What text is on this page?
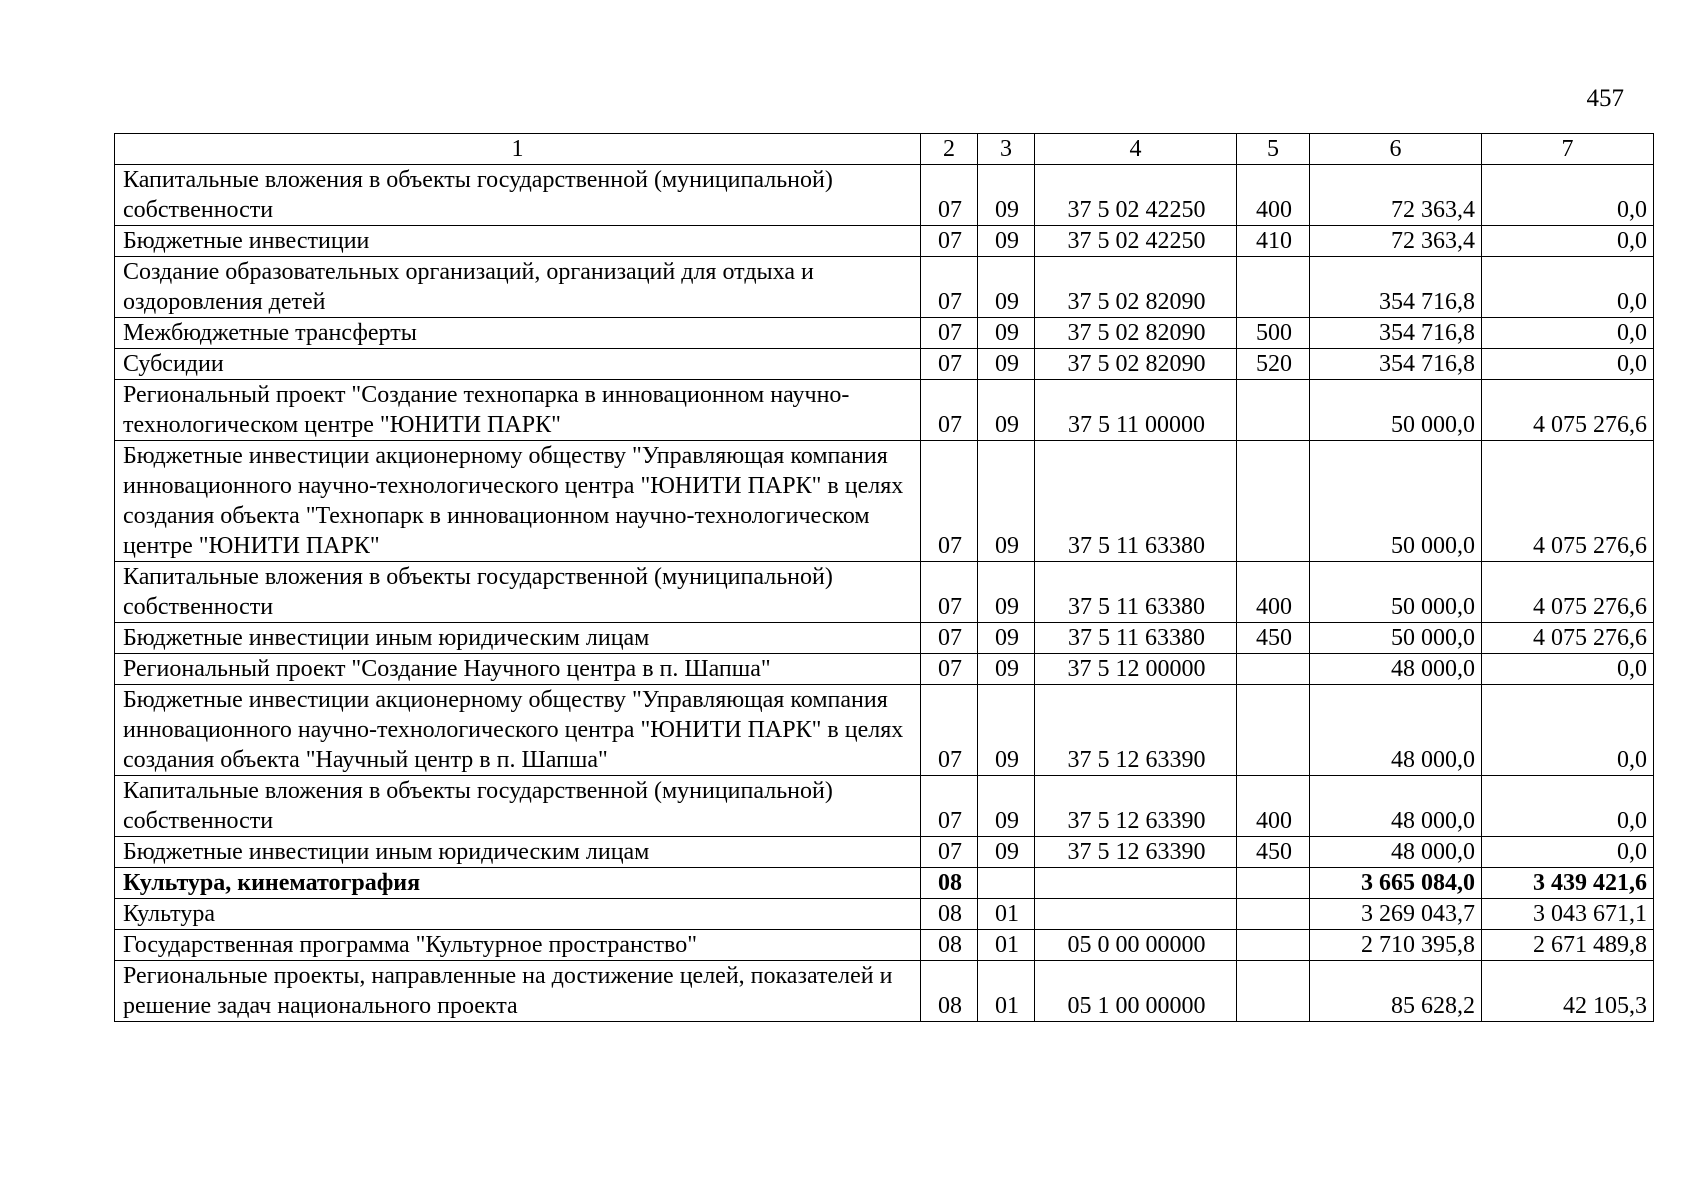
457
1	2	3	4	5	6	7
Капитальные вложения в объекты государственной (муниципальной) собственности	07	09	37 5 02 42250	400	72 363,4	0,0
Бюджетные инвестиции	07	09	37 5 02 42250	410	72 363,4	0,0
Создание образовательных организаций, организаций для отдыха и оздоровления детей	07	09	37 5 02 82090		354 716,8	0,0
Межбюджетные трансферты	07	09	37 5 02 82090	500	354 716,8	0,0
Субсидии	07	09	37 5 02 82090	520	354 716,8	0,0
Региональный проект "Создание технопарка в инновационном научно-технологическом центре "ЮНИТИ ПАРК"	07	09	37 5 11 00000		50 000,0	4 075 276,6
Бюджетные инвестиции акционерному обществу "Управляющая компания инновационного научно-технологического центра "ЮНИТИ ПАРК" в целях создания объекта "Технопарк в инновационном научно-технологическом центре "ЮНИТИ ПАРК"	07	09	37 5 11 63380		50 000,0	4 075 276,6
Капитальные вложения в объекты государственной (муниципальной) собственности	07	09	37 5 11 63380	400	50 000,0	4 075 276,6
Бюджетные инвестиции иным юридическим лицам	07	09	37 5 11 63380	450	50 000,0	4 075 276,6
Региональный проект "Создание Научного центра в п. Шапша"	07	09	37 5 12 00000		48 000,0	0,0
Бюджетные инвестиции акционерному обществу "Управляющая компания инновационного научно-технологического центра "ЮНИТИ ПАРК" в целях создания объекта "Научный центр в п. Шапша"	07	09	37 5 12 63390		48 000,0	0,0
Капитальные вложения в объекты государственной (муниципальной) собственности	07	09	37 5 12 63390	400	48 000,0	0,0
Бюджетные инвестиции иным юридическим лицам	07	09	37 5 12 63390	450	48 000,0	0,0
Культура, кинематография	08				3 665 084,0	3 439 421,6
Культура	08	01			3 269 043,7	3 043 671,1
Государственная программа "Культурное пространство"	08	01	05 0 00 00000		2 710 395,8	2 671 489,8
Региональные проекты, направленные на достижение целей, показателей и решение задач национального проекта	08	01	05 1 00 00000		85 628,2	42 105,3
